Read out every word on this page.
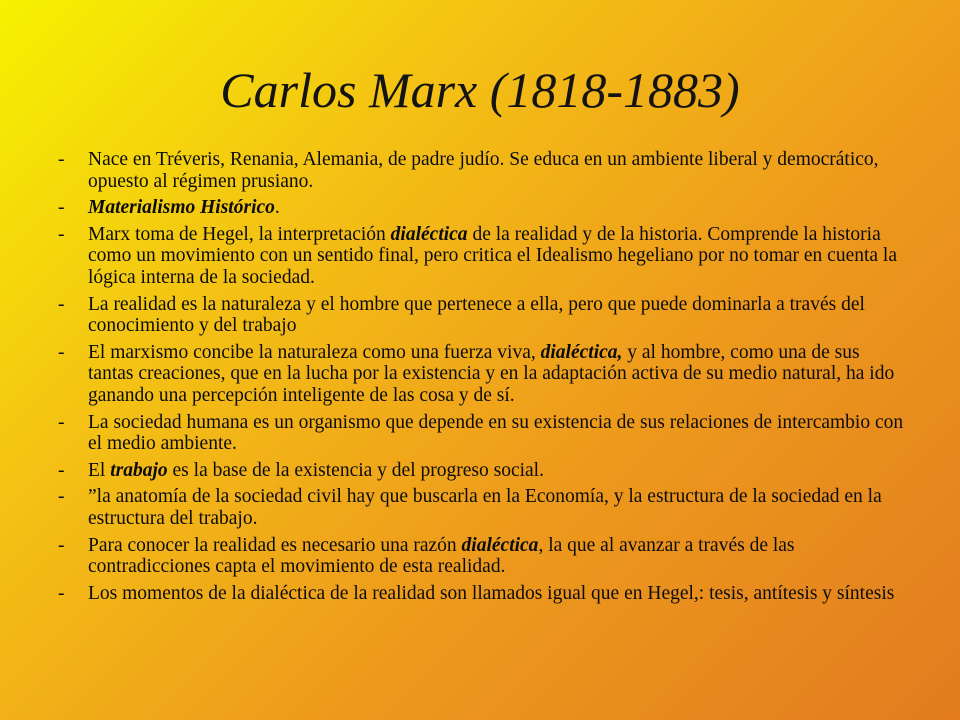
Carlos Marx (1818-1883)
- Nace en Tréveris, Renania, Alemania, de padre judío. Se educa en un ambiente liberal y democrático, opuesto al régimen prusiano.
- Materialismo Histórico.
- Marx toma de Hegel, la interpretación dialéctica de la realidad y de la historia. Comprende la historia como un movimiento con un sentido final, pero critica el Idealismo hegeliano por no tomar en cuenta la lógica interna de la sociedad.
- La realidad es la naturaleza y el hombre que pertenece a ella, pero que puede dominarla a través del conocimiento y del trabajo
- El marxismo concibe la naturaleza como una fuerza viva, dialéctica, y al hombre, como una de sus tantas creaciones, que en la lucha por la existencia y en la adaptación activa de su medio natural, ha ido ganando una percepción inteligente de las cosa y de sí.
- La sociedad humana es un organismo que depende en su existencia de sus relaciones de intercambio con el medio ambiente.
- El trabajo es la base de la existencia y del progreso social.
- ”la anatomía de la sociedad civil hay que buscarla en la Economía, y la estructura de la sociedad en la estructura del trabajo.
- Para conocer la realidad es necesario una razón dialéctica, la que al avanzar a través de las contradicciones capta el movimiento de esta realidad.
- Los momentos de la dialéctica de la realidad son llamados igual que en Hegel,: tesis, antítesis y síntesis
